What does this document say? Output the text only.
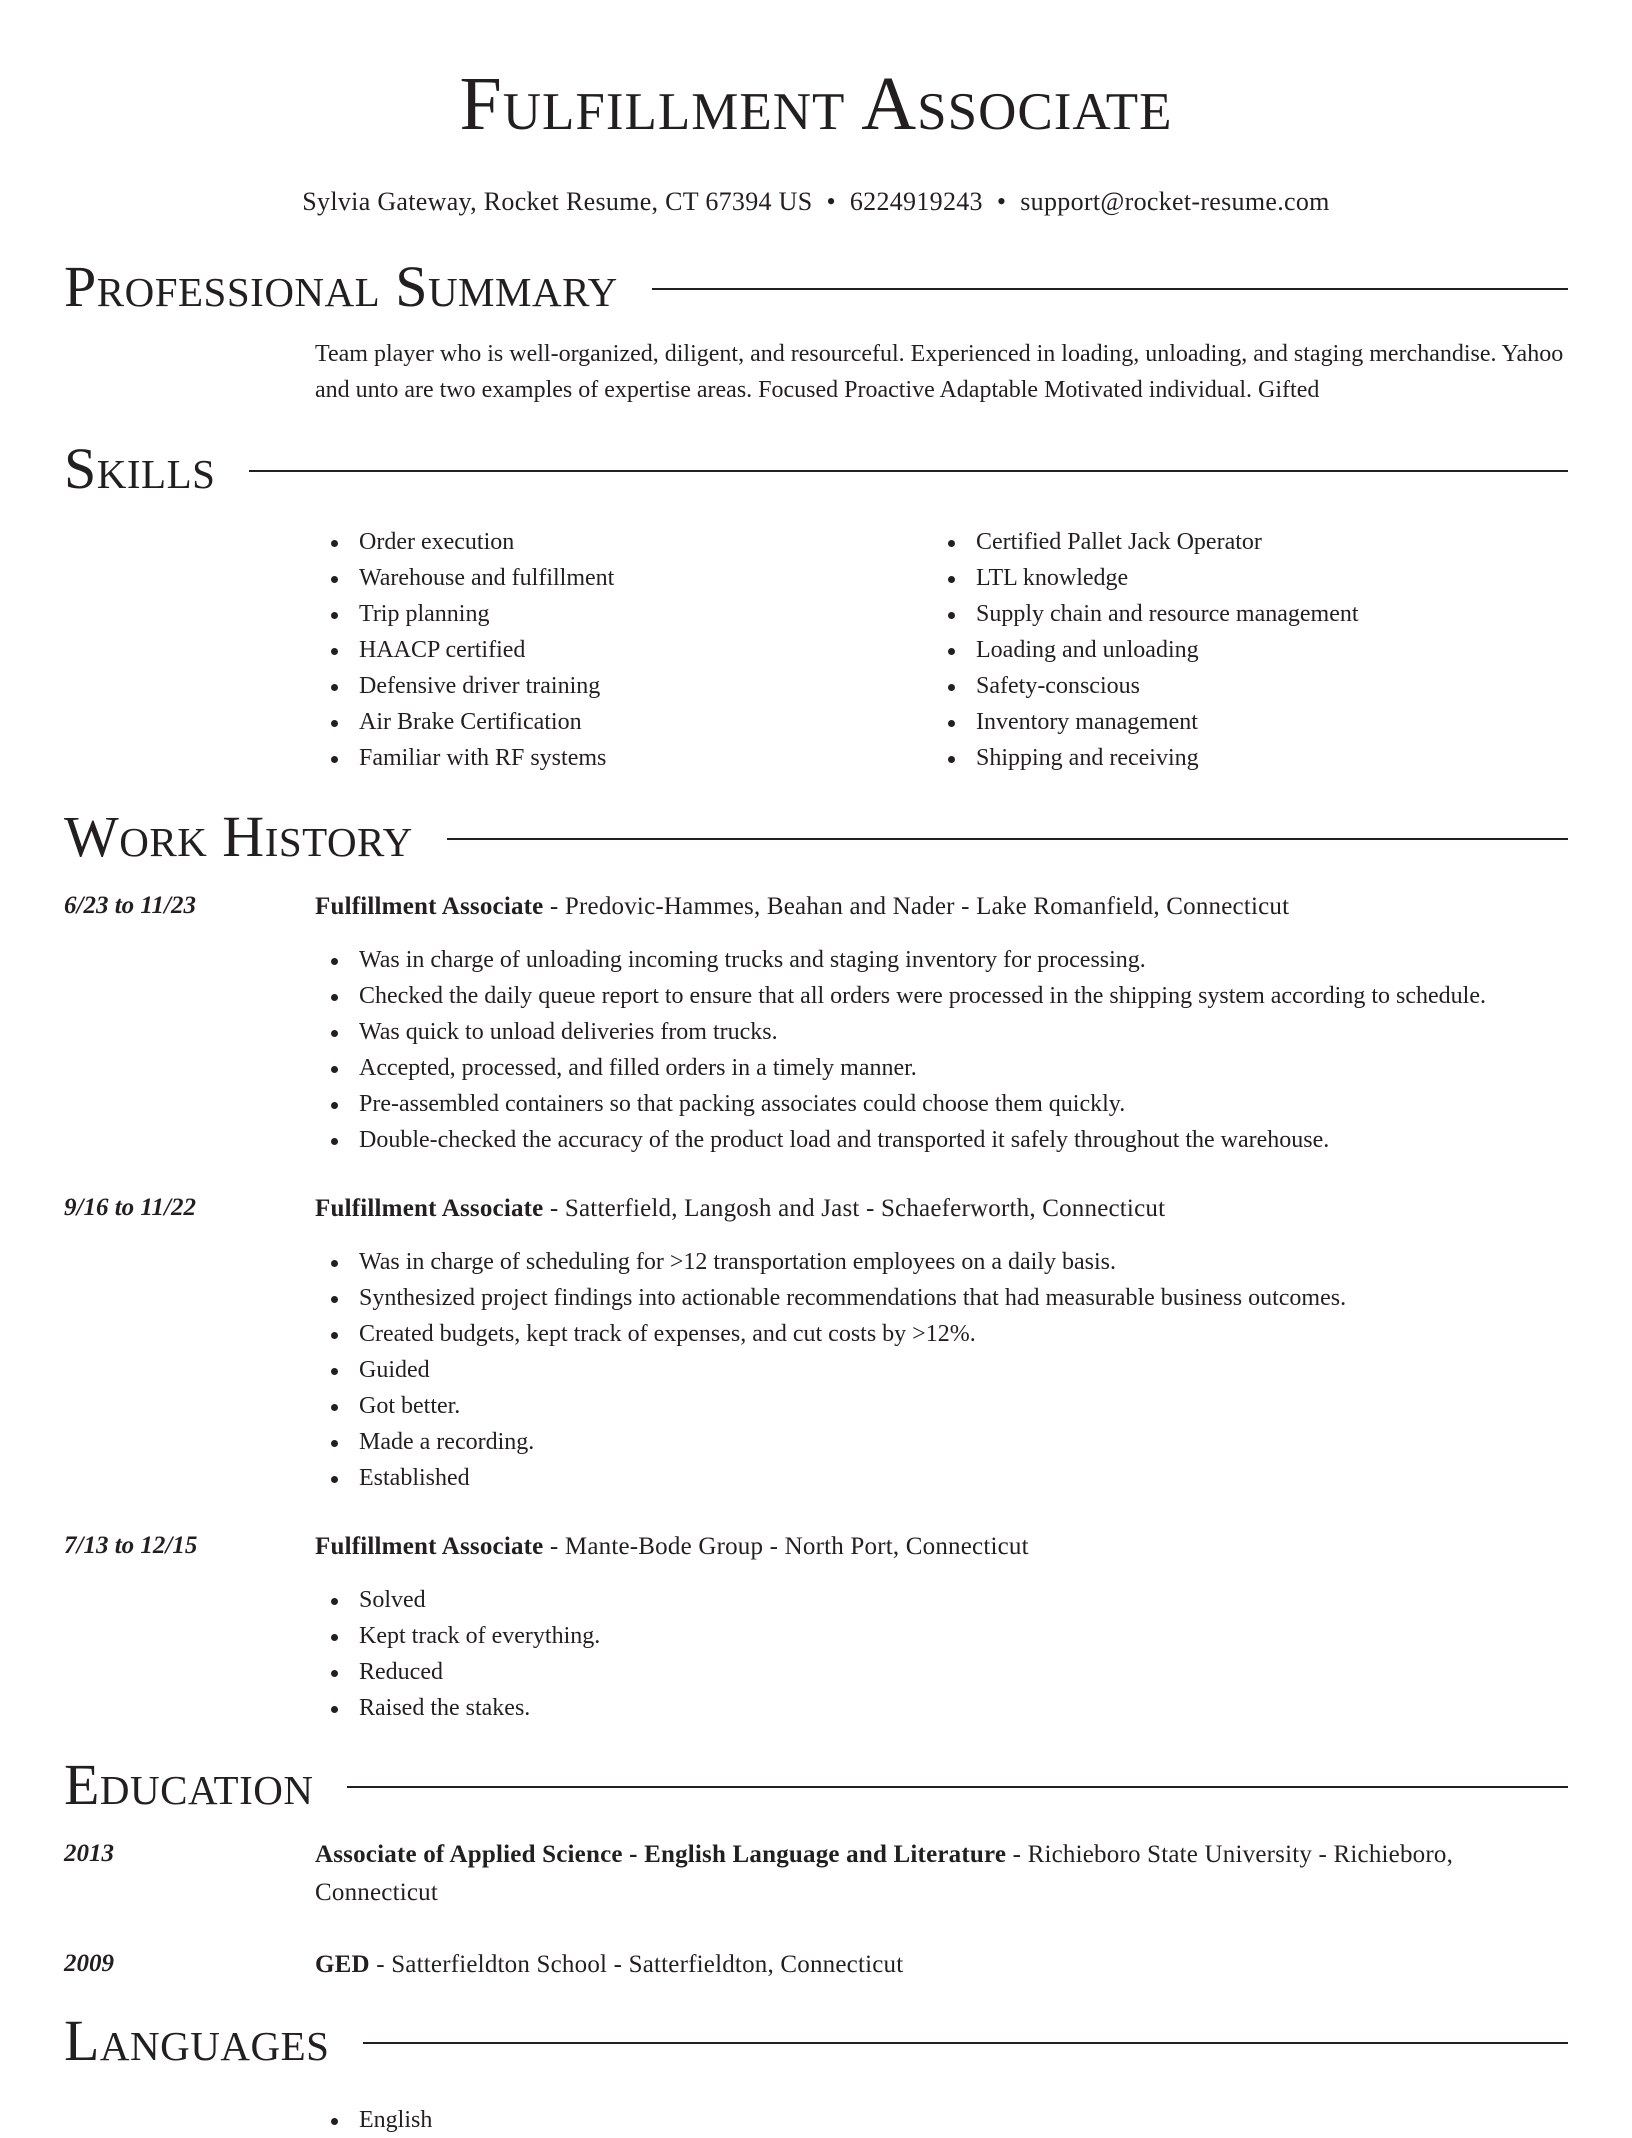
Fulfillment Associate
Sylvia Gateway, Rocket Resume, CT 67394 US • 6224919243 • support@rocket-resume.com
Professional Summary
Team player who is well-organized, diligent, and resourceful. Experienced in loading, unloading, and staging merchandise. Yahoo and unto are two examples of expertise areas. Focused Proactive Adaptable Motivated individual. Gifted
Skills
Order execution
Warehouse and fulfillment
Trip planning
HAACP certified
Defensive driver training
Air Brake Certification
Familiar with RF systems
Certified Pallet Jack Operator
LTL knowledge
Supply chain and resource management
Loading and unloading
Safety-conscious
Inventory management
Shipping and receiving
Work History
6/23 to 11/23	Fulfillment Associate - Predovic-Hammes, Beahan and Nader - Lake Romanfield, Connecticut
Was in charge of unloading incoming trucks and staging inventory for processing.
Checked the daily queue report to ensure that all orders were processed in the shipping system according to schedule.
Was quick to unload deliveries from trucks.
Accepted, processed, and filled orders in a timely manner.
Pre-assembled containers so that packing associates could choose them quickly.
Double-checked the accuracy of the product load and transported it safely throughout the warehouse.
9/16 to 11/22	Fulfillment Associate - Satterfield, Langosh and Jast - Schaeferworth, Connecticut
Was in charge of scheduling for >12 transportation employees on a daily basis.
Synthesized project findings into actionable recommendations that had measurable business outcomes.
Created budgets, kept track of expenses, and cut costs by >12%.
Guided
Got better.
Made a recording.
Established
7/13 to 12/15	Fulfillment Associate - Mante-Bode Group - North Port, Connecticut
Solved
Kept track of everything.
Reduced
Raised the stakes.
Education
2013	Associate of Applied Science - English Language and Literature - Richieboro State University - Richieboro, Connecticut
2009	GED - Satterfieldton School - Satterfieldton, Connecticut
Languages
English
